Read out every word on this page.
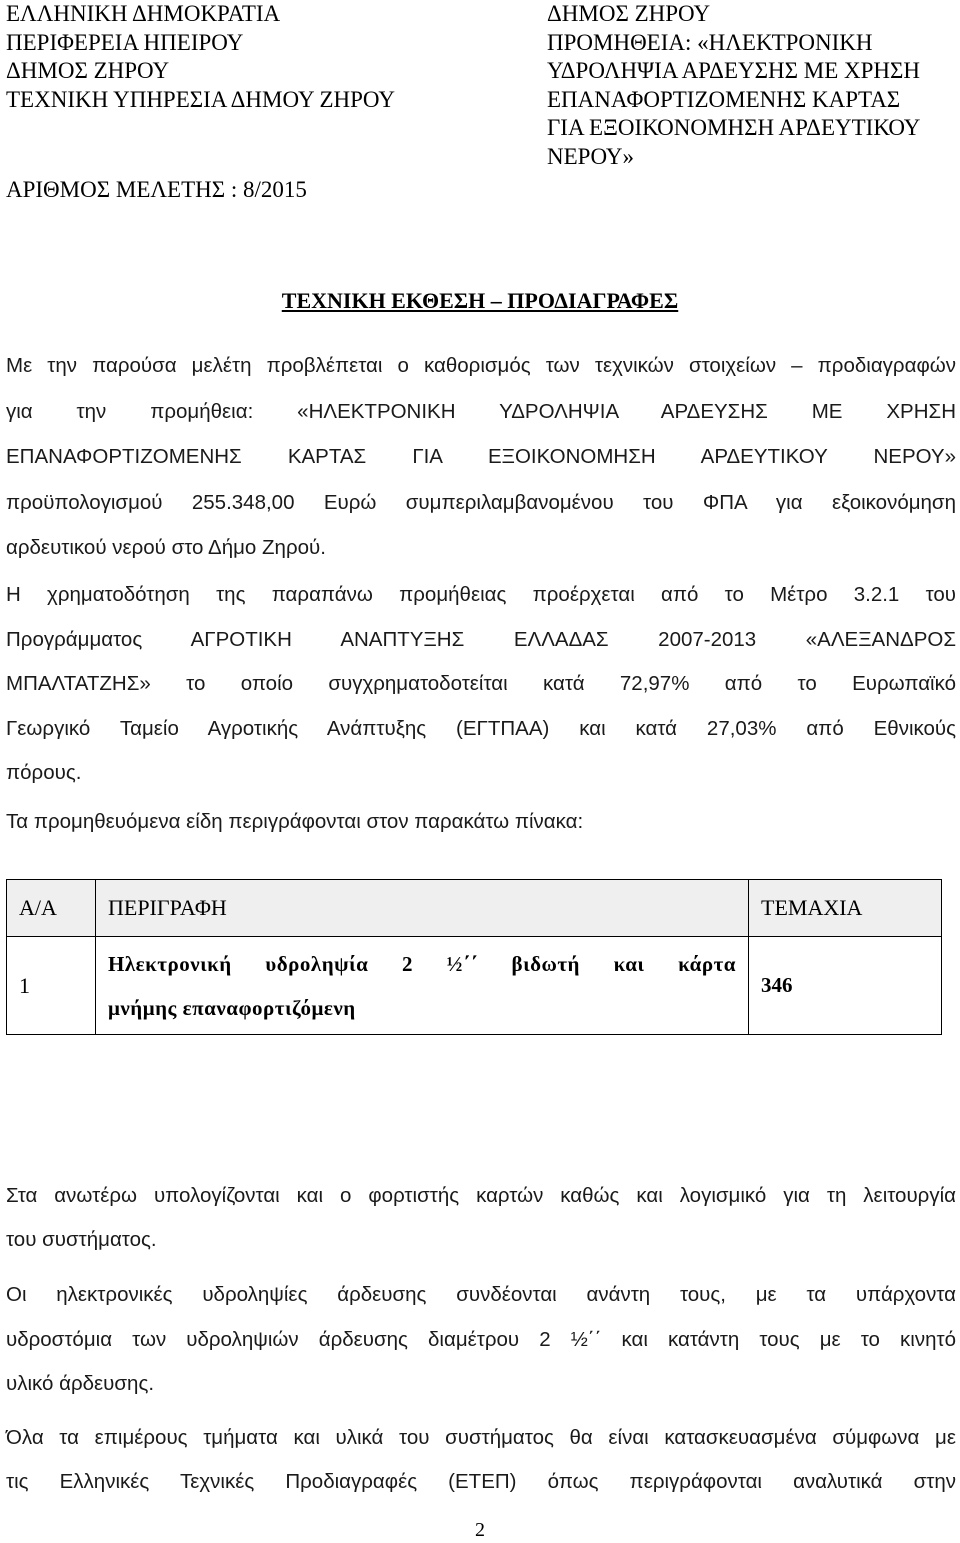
ΕΛΛΗΝΙΚΗ ΔΗΜΟΚΡΑΤΙΑ
ΠΕΡΙΦΕΡΕΙΑ ΗΠΕΙΡΟΥ
ΔΗΜΟΣ ΖΗΡΟΥ
ΤΕΧΝΙΚΗ ΥΠΗΡΕΣΙΑ ΔΗΜΟΥ ΖΗΡΟΥ
ΑΡΙΘΜΟΣ ΜΕΛΕΤΗΣ : 8/2015
ΔΗΜΟΣ ΖΗΡΟΥ
ΠΡΟΜΗΘΕΙΑ: «ΗΛΕΚΤΡΟΝΙΚΗ
ΥΔΡΟΛΗΨΙΑ ΑΡΔΕΥΣΗΣ ΜΕ ΧΡΗΣΗ
ΕΠΑΝΑΦΟΡΤΙΖΟΜΕΝΗΣ ΚΑΡΤΑΣ
ΓΙΑ ΕΞΟΙΚΟΝΟΜΗΣΗ ΑΡΔΕΥΤΙΚΟΥ
ΝΕΡΟΥ»
ΤΕΧΝΙΚΗ ΕΚΘΕΣΗ – ΠΡΟΔΙΑΓΡΑΦΕΣ
Με την παρούσα μελέτη προβλέπεται ο καθορισμός των τεχνικών στοιχείων – προδιαγραφών
για την προμήθεια: «ΗΛΕΚΤΡΟΝΙΚΗ ΥΔΡΟΛΗΨΙΑ ΑΡΔΕΥΣΗΣ ΜΕ ΧΡΗΣΗ
ΕΠΑΝΑΦΟΡΤΙΖΟΜΕΝΗΣ ΚΑΡΤΑΣ ΓΙΑ ΕΞΟΙΚΟΝΟΜΗΣΗ ΑΡΔΕΥΤΙΚΟΥ ΝΕΡΟΥ»
προϋπολογισμού 255.348,00 Ευρώ συμπεριλαμβανομένου του ΦΠΑ για εξοικονόμηση
αρδευτικού νερού στο Δήμο Ζηρού.
Η χρηματοδότηση της παραπάνω προμήθειας προέρχεται από το Μέτρο 3.2.1 του
Προγράμματος ΑΓΡΟΤΙΚΗ ΑΝΑΠΤΥΞΗΣ ΕΛΛΑΔΑΣ 2007-2013 «ΑΛΕΞΑΝΔΡΟΣ
ΜΠΑΛΤΑΤΖΗΣ» το οποίο συγχρηματοδοτείται κατά 72,97% από το Ευρωπαϊκό
Γεωργικό Ταμείο Αγροτικής Ανάπτυξης (ΕΓΤΠΑΑ) και κατά 27,03% από Εθνικούς
πόρους.
Τα προμηθευόμενα είδη περιγράφονται στον παρακάτω πίνακα:
Α/Α	ΠΕΡΙΓΡΑΦΗ	ΤΕΜΑΧΙΑ
1	Ηλεκτρονική υδροληψία 2 ½΄΄ βιδωτή και κάρτα
μνήμης επαναφορτιζόμενη	346
Στα ανωτέρω υπολογίζονται και ο φορτιστής καρτών καθώς και λογισμικό για τη λειτουργία
του συστήματος.
Οι ηλεκτρονικές υδροληψίες άρδευσης συνδέονται ανάντη τους, με τα υπάρχοντα
υδροστόμια των υδροληψιών άρδευσης διαμέτρου 2 ½΄΄ και κατάντη τους με το κινητό
υλικό άρδευσης.
Όλα τα επιμέρους τμήματα και υλικά του συστήματος θα είναι κατασκευασμένα σύμφωνα με
τις Ελληνικές Τεχνικές Προδιαγραφές (ΕΤΕΠ) όπως περιγράφονται αναλυτικά στην
2
